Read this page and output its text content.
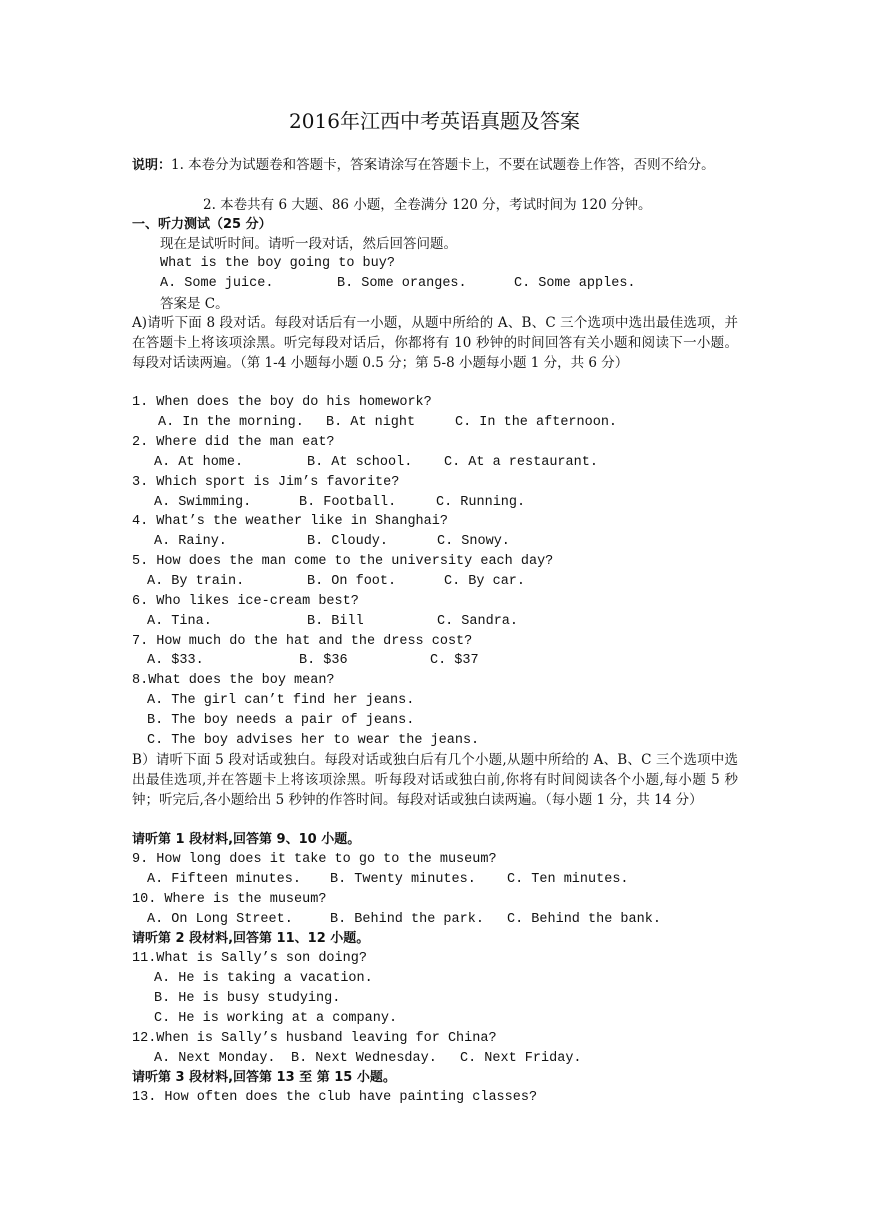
2016年江西中考英语真题及答案
说明：1. 本卷分为试题卷和答题卡，答案请涂写在答题卡上，不要在试题卷上作答，否则不给分。
2. 本卷共有 6 大题、86 小题，全卷满分 120 分，考试时间为 120 分钟。
一、听力测试（25 分）
现在是试听时间。请听一段对话，然后回答问题。
What is the boy going to buy?
A. Some juice.	B. Some oranges.	C. Some apples.
答案是 C。
A)请听下面 8 段对话。每段对话后有一小题，从题中所给的 A、B、C 三个选项中选出最佳选项，并在答题卡上将该项涂黑。听完每段对话后，你都将有 10 秒钟的时间回答有关小题和阅读下一小题。每段对话读两遍。（第 1-4 小题每小题 0.5 分；第 5-8 小题每小题 1 分，共 6 分）
1. When does the boy do his homework?
A. In the morning. B. At night	C. In the afternoon.
2. Where did the man eat?
A. At home.	B. At school. C. At a restaurant.
3. Which sport is Jim’s favorite?
A. Swimming.	B. Football.	C. Running.
4. What’s the weather like in Shanghai?
A. Rainy.	B. Cloudy.	C. Snowy.
5. How does the man come to the university each day?
A. By train.	B. On foot.	C. By car.
6. Who likes ice-cream best?
A. Tina.	B. Bill	C. Sandra.
7. How much do the hat and the dress cost?
A. $33.	B. $36	C. $37
8.What does the boy mean?
A. The girl can’t find her jeans.
B. The boy needs a pair of jeans.
C. The boy advises her to wear the jeans.
B）请听下面 5 段对话或独白。每段对话或独白后有几个小题,从题中所给的 A、B、C 三个选项中选出最佳选项,并在答题卡上将该项涂黑。听每段对话或独白前,你将有时间阅读各个小题,每小题 5 秒钟；听完后,各小题给出 5 秒钟的作答时间。每段对话或独白读两遍。（每小题 1 分，共 14 分）
请听第 1 段材料,回答第 9、10 小题。
9. How long does it take to go to the museum?
A. Fifteen minutes. B. Twenty minutes. C. Ten minutes.
10. Where is the museum?
A. On Long Street.	B. Behind the park. C. Behind the bank.
请听第 2 段材料,回答第 11、12 小题。
11.What is Sally’s son doing?
A. He is taking a vacation.
B. He is busy studying.
C. He is working at a company.
12.When is Sally’s husband leaving for China?
A. Next Monday. B. Next Wednesday. C. Next Friday.
请听第 3 段材料,回答第 13 至 第 15 小题。
13. How often does the club have painting classes?
